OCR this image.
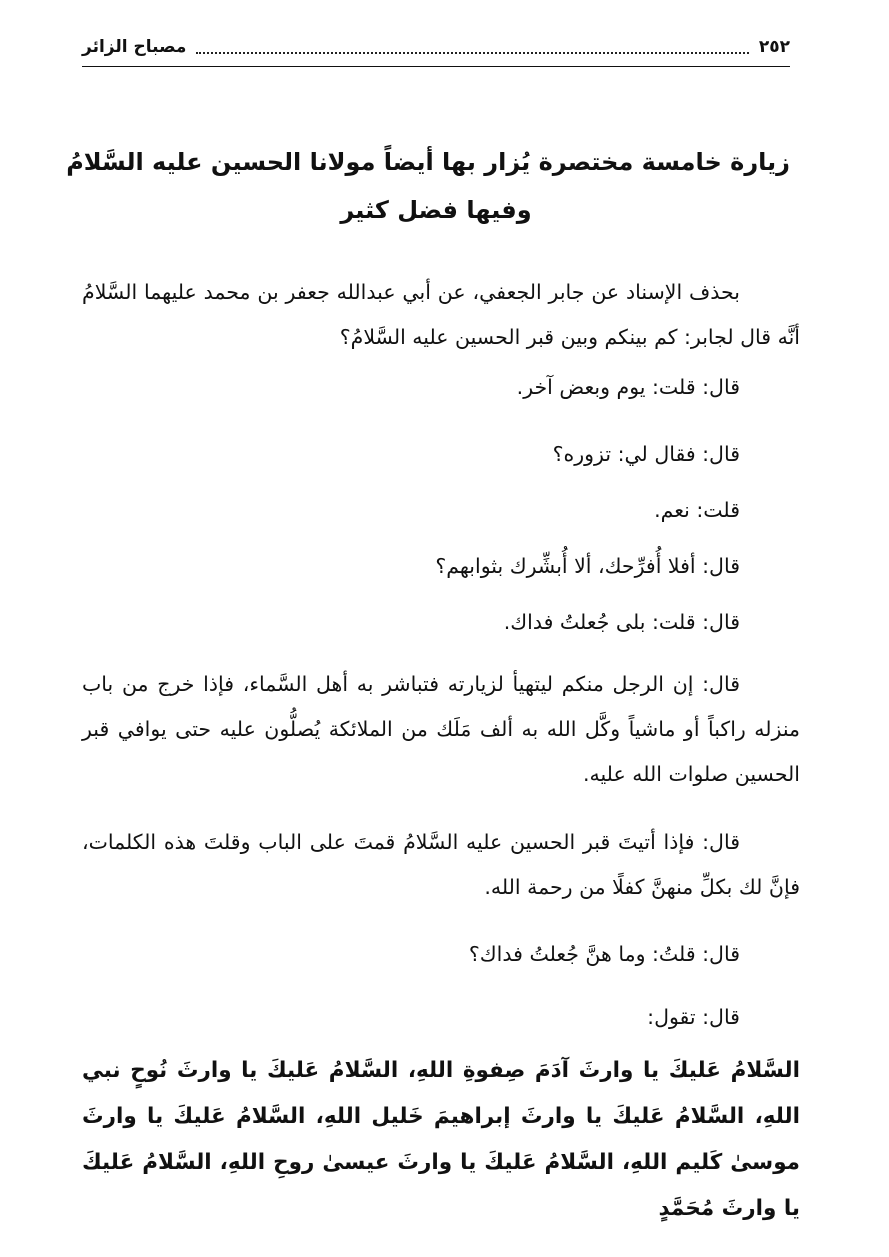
٢٥٢
مصباح الزائر
زيارة خامسة مختصرة يُزار بها أيضاً مولانا الحسين عليه السَّلامُ
وفيها فضل كثير

بحذف الإسناد عن جابر الجعفي، عن أبي عبدالله جعفر بن محمد عليهما السَّلامُ أنَّه قال لجابر: كم بينكم وبين قبر الحسين عليه السَّلامُ؟

قال: قلت: يوم وبعض آخر.

قال: فقال لي: تزوره؟

قلت: نعم.

قال: أفلا أُفرِّحك، ألا أُبشِّرك بثوابهم؟

قال: قلت: بلى جُعلتُ فداك.

قال: إن الرجل منكم ليتهيأ لزيارته فتباشر به أهل السَّماء، فإذا خرج من باب منزله راكباً أو ماشياً وكَّل الله به ألف مَلَك من الملائكة يُصلُّون عليه حتى يوافي قبر الحسين صلوات الله عليه.

قال: فإذا أتيتَ قبر الحسين عليه السَّلامُ قمتَ على الباب وقلتَ هذه الكلمات، فإنَّ لك بكلِّ منهنَّ كفلًا من رحمة الله.

قال: قلتُ: وما هنَّ جُعلتُ فداك؟

قال: تقول:

السَّلامُ عَليكَ يا وارثَ آدَمَ صِفوةِ اللهِ، السَّلامُ عَليكَ يا وارثَ نُوحٍ نبي اللهِ، السَّلامُ عَليكَ يا وارثَ إبراهيمَ خَليل اللهِ، السَّلامُ عَليكَ يا وارثَ موسىٰ كَليم اللهِ، السَّلامُ عَليكَ يا وارثَ عيسىٰ روحِ اللهِ، السَّلامُ عَليكَ يا وارثَ مُحَمَّدٍ
